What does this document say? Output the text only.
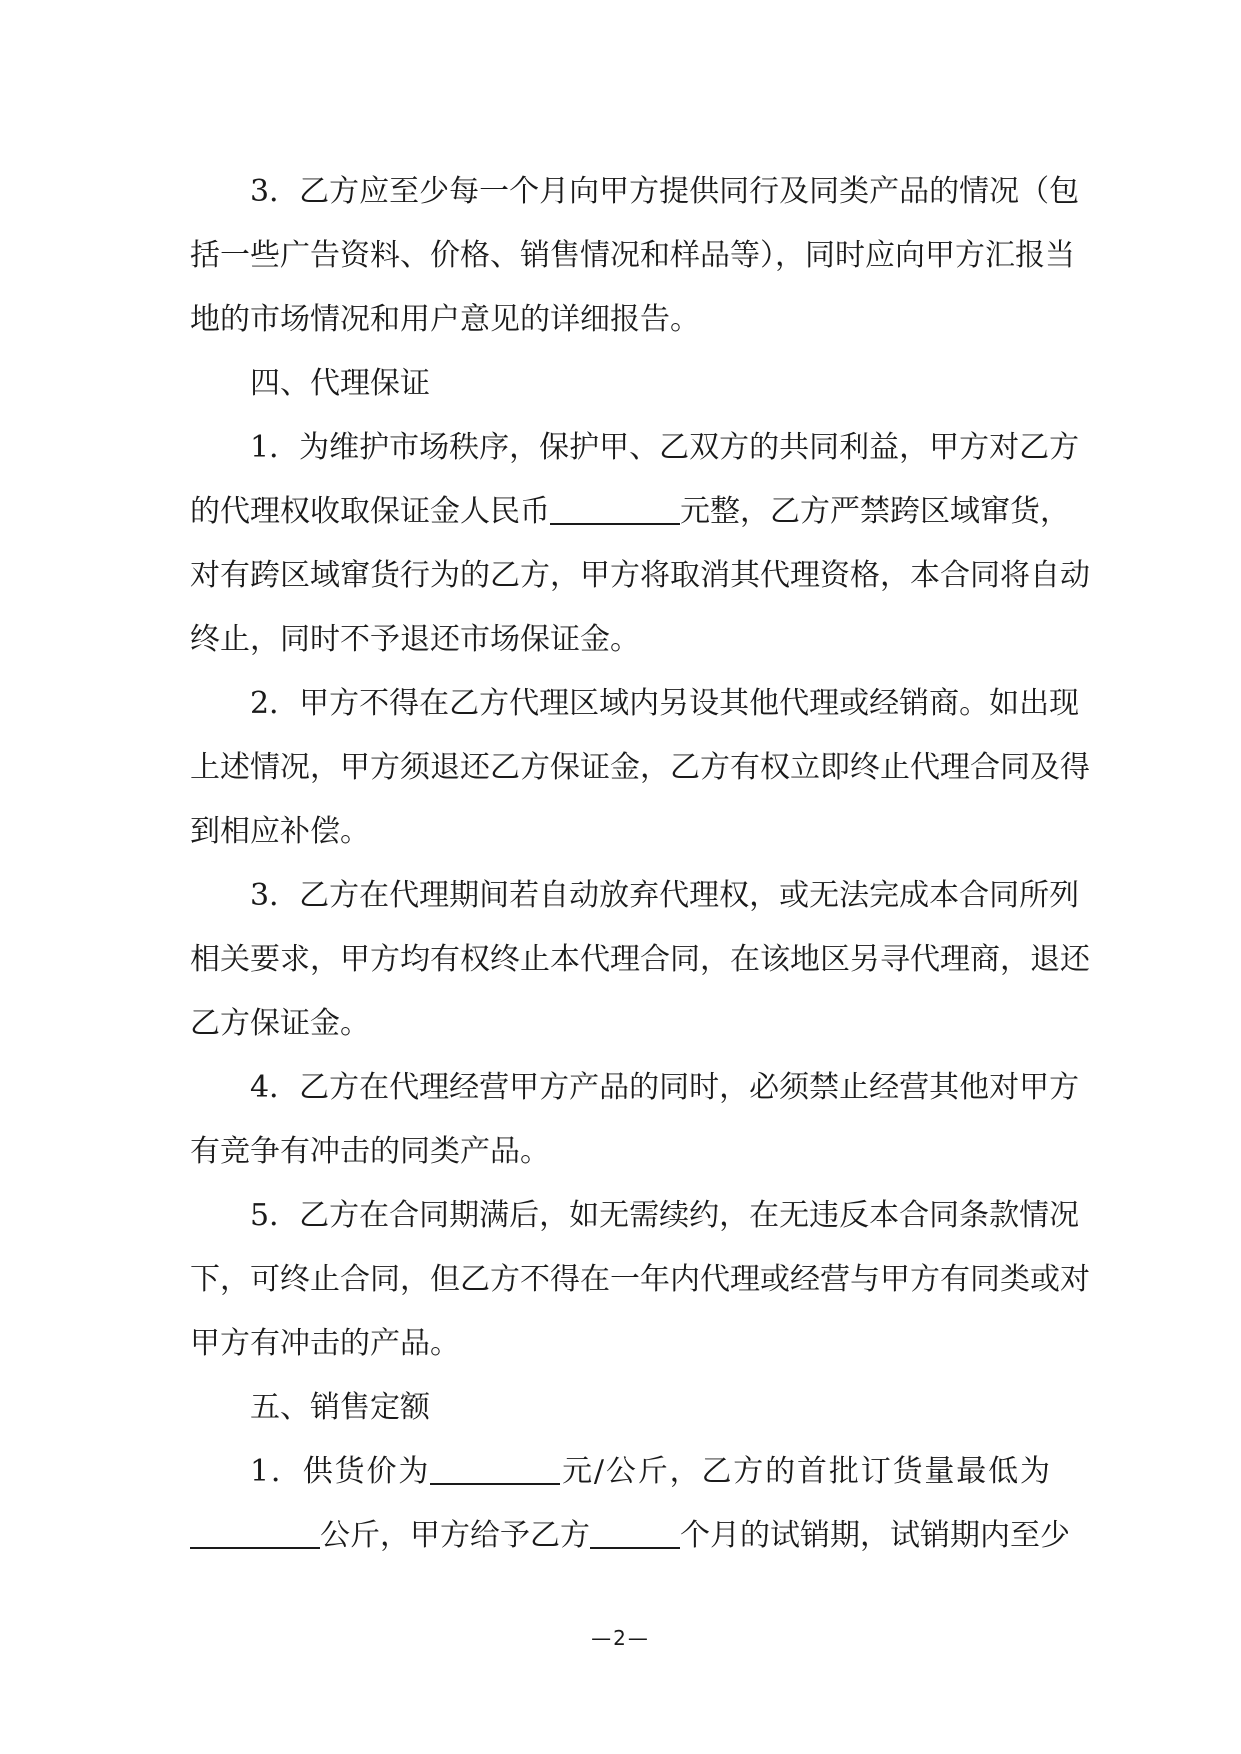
3．乙方应至少每一个月向甲方提供同行及同类产品的情况（包
括一些广告资料、价格、销售情况和样品等），同时应向甲方汇报当
地的市场情况和用户意见的详细报告。
四、代理保证
1．为维护市场秩序，保护甲、乙双方的共同利益，甲方对乙方
的代理权收取保证金人民币	元整，乙方严禁跨区域窜货，
对有跨区域窜货行为的乙方，甲方将取消其代理资格，本合同将自动
终止，同时不予退还市场保证金。
2．甲方不得在乙方代理区域内另设其他代理或经销商。如出现
上述情况，甲方须退还乙方保证金，乙方有权立即终止代理合同及得
到相应补偿。
3．乙方在代理期间若自动放弃代理权，或无法完成本合同所列
相关要求，甲方均有权终止本代理合同，在该地区另寻代理商，退还
乙方保证金。
4．乙方在代理经营甲方产品的同时，必须禁止经营其他对甲方
有竞争有冲击的同类产品。
5．乙方在合同期满后，如无需续约，在无违反本合同条款情况
下，可终止合同，但乙方不得在一年内代理或经营与甲方有同类或对
甲方有冲击的产品。
五、销售定额
1．供货价为	元/公斤，乙方的首批订货量最低为
公斤，甲方给予乙方	个月的试销期，试销期内至少
—2—
